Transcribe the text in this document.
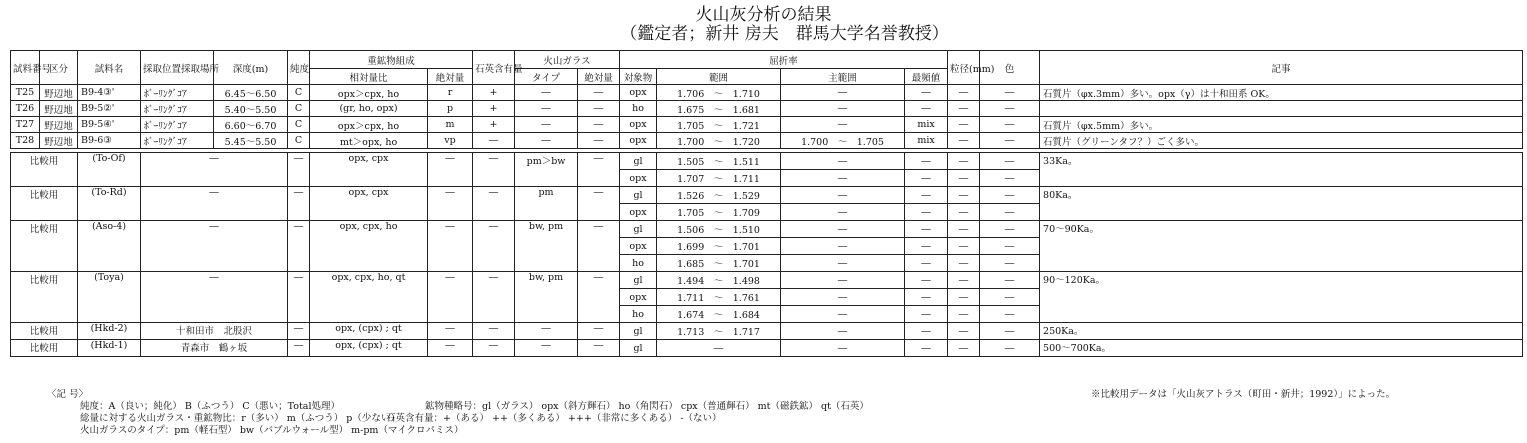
火山灰分析の結果
（鑑定者；新井 房夫　群馬大学名誉教授）
試料番号	区分	試料名	採取位置採取場所	深度(m)	純度	重鉱物組成		石英含有量	火山ガラス		屈折率				粒径(mm)	色	記事
						相対量比	絶対量		タイプ	絶対量	対象物	範囲	主範囲	最頻値			
T25	野辺地	B9-4③'	ﾎﾞｰﾘﾝｸﾞｺｱ	6.45～6.50	C	opx＞cpx, ho	r	+	―	―	opx	1.706　～　1.710	―	―	―	―	石質片（φx.3mm）多い。opx（γ）は十和田系 OK。
T26	野辺地	B9-5②'	ﾎﾞｰﾘﾝｸﾞｺｱ	5.40～5.50	C	(gr, ho, opx)	p	+	―	―	ho	1.675　～　1.681	―	―	―	―	
T27	野辺地	B9-5④'	ﾎﾞｰﾘﾝｸﾞｺｱ	6.60～6.70	C	opx＞cpx, ho	m	+	―	―	opx	1.705　～　1.721	―	mix	―	―	石質片（φx.5mm）多い。
T28	野辺地	B9-6③	ﾎﾞｰﾘﾝｸﾞｺｱ	5.45～5.50	C	mt＞opx, ho	vp	―	―	―	opx	1.700　～　1.720	1.700　～　1.705	mix	―	―	石質片（グリーンタフ？）ごく多い。

比較用		(To-Of)	―		―	opx, cpx	―	―	pm＞bw	―	gl	1.505　～　1.511	―	―	―	―	33Ka。
											opx	1.707　～　1.711	―	―	―	―	
比較用		(To-Rd)	―		―	opx, cpx	―	―	pm	―	gl	1.526　～　1.529	―	―	―	―	80Ka。
											opx	1.705　～　1.709	―	―	―	―	
比較用		(Aso-4)	―		―	opx, cpx, ho	―	―	bw, pm	―	gl	1.506　～　1.510	―	―	―	―	70～90Ka。
											opx	1.699　～　1.701	―	―	―	―	
											ho	1.685　～　1.701	―	―	―	―	
比較用		(Toya)	―		―	opx, cpx, ho, qt	―	―	bw, pm	―	gl	1.494　～　1.498	―	―	―	―	90～120Ka。
											opx	1.711　～　1.761	―	―	―	―	
											ho	1.674　～　1.684	―	―	―	―	
比較用		(Hkd-2)	十和田市　北股沢		―	opx, (cpx) ; qt	―	―	―	―	gl	1.713　～　1.717	―	―	―	―	250Ka。
比較用		(Hkd-1)	青森市　鶴ヶ坂		―	opx, (cpx) ; qt	―	―	―	―	gl	―	―	―	―	―	500～700Ka。
〈記 号〉
純度：A（良い；純化） B（ふつう） C（悪い；Total処理）
総量に対する火山ガラス・重鉱物比：r（多い） m（ふつう） p（少ない）
火山ガラスのタイプ：pm（軽石型） bw（バブルウォール型） m-pm（マイクロパミス）
鉱物種略号：gl（ガラス） opx（斜方輝石） ho（角閃石） cpx（普通輝石） mt（磁鉄鉱） qt（石英）
石英含有量：+（ある） ++（多くある） +++（非常に多くある） -（ない）
※比較用データは「火山灰アトラス（町田・新井；1992）」によった。
